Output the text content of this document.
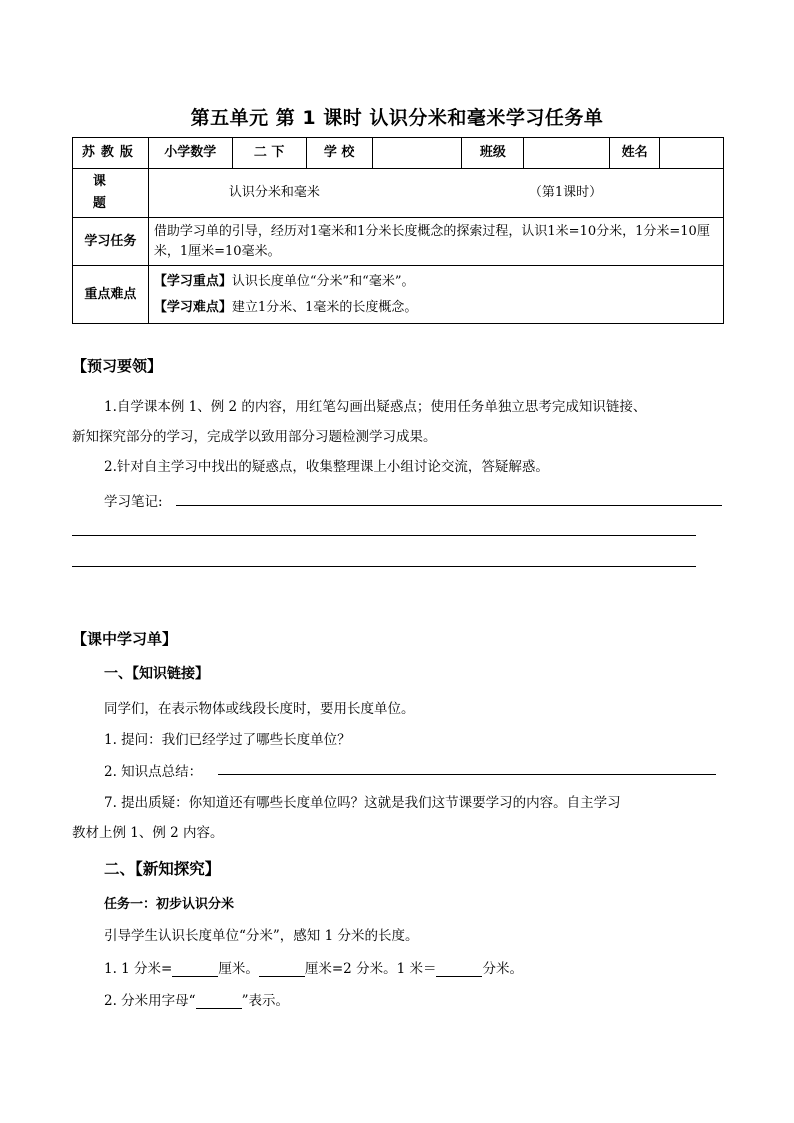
第五单元 第 1 课时 认识分米和毫米学习任务单
苏教版	小学数学	二 下	学 校		班级		姓名	
课 题	认识分米和毫米 （第1课时）							
学习任务	借助学习单的引导，经历对1毫米和1分米长度概念的探索过程，认识1米=10分米，1分米=10厘米，1厘米=10毫米。							
重点难点	【学习重点】认识长度单位“分米”和“毫米”。
【学习难点】建立1分米、1毫米的长度概念。							
【预习要领】
1.自学课本例 1、例 2 的内容，用红笔勾画出疑惑点；使用任务单独立思考完成知识链接、
新知探究部分的学习，完成学以致用部分习题检测学习成果。
2.针对自主学习中找出的疑惑点，收集整理课上小组讨论交流，答疑解惑。
学习笔记:
【课中学习单】
一、【知识链接】
同学们，在表示物体或线段长度时，要用长度单位。
1. 提问：我们已经学过了哪些长度单位？
2. 知识点总结：
7. 提出质疑：你知道还有哪些长度单位吗？这就是我们这节课要学习的内容。自主学习
教材上例 1、例 2 内容。
二、【新知探究】
任务一：初步认识分米
引导学生认识长度单位“分米”，感知 1 分米的长度。
1. 1 分米=	厘米。	厘米=2 分米。1 米＝	分米。
2. 分米用字母“	”表示。
